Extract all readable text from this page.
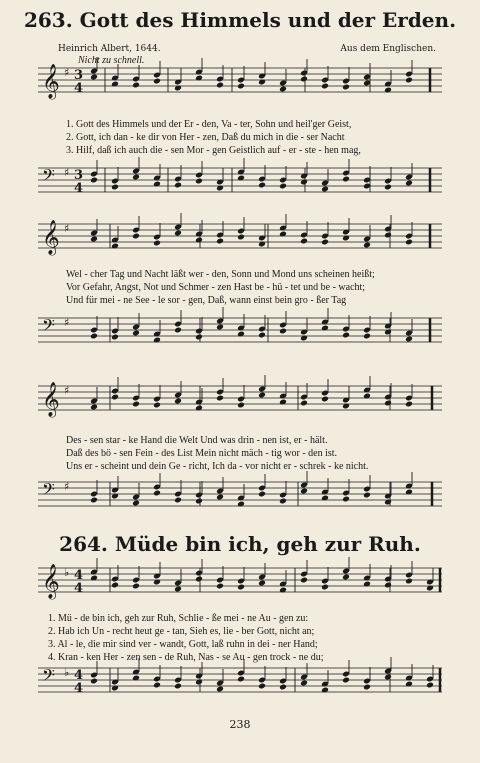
263. Gott des Himmels und der Erden.
Heinrich Albert, 1644.	Aus dem Englischen.
Nicht zu schnell.
𝄞 ♯ 3
4
𝄢 ♯ 3
4
𝄞 ♯
𝄢 ♯
𝄞 ♯
𝄢 ♯
𝄞 ♭ 4
4
𝄢 ♭ 4
4
1. Gott des Himmels und der Er - den, Va - ter, Sohn und heil'ger Geist,
2. Gott, ich dan - ke dir von Her - zen, Daß du mich in die - ser Nacht
3. Hilf, daß ich auch die - sen Mor - gen Geistlich auf - er - ste - hen mag,
Wel - cher Tag und Nacht läßt wer - den, Sonn und Mond uns scheinen heißt;
Vor Gefahr, Angst, Not und Schmer - zen Hast be - hü - tet und be - wacht;
Und für mei - ne See - le sor - gen, Daß, wann einst bein gro - ßer Tag
Des - sen star - ke Hand die Welt Und was drin - nen ist, er - hält.
Daß des bö - sen Fein - des List Mein nicht mäch - tig wor - den ist.
Uns er - scheint und dein Ge - richt, Ich da - vor nicht er - schrek - ke nicht.
264. Müde bin ich, geh zur Ruh.
1. Mü - de bin ich, geh zur Ruh, Schlie - ße mei - ne Au - gen zu:
2. Hab ich Un - recht heut ge - tan, Sieh es, lie - ber Gott, nicht an;
3. Al - le, die mir sind ver - wandt, Gott, laß ruhn in dei - ner Hand;
4. Kran - ken Her - zen sen - de Ruh, Nas - se Au - gen trock - ne du;
238
